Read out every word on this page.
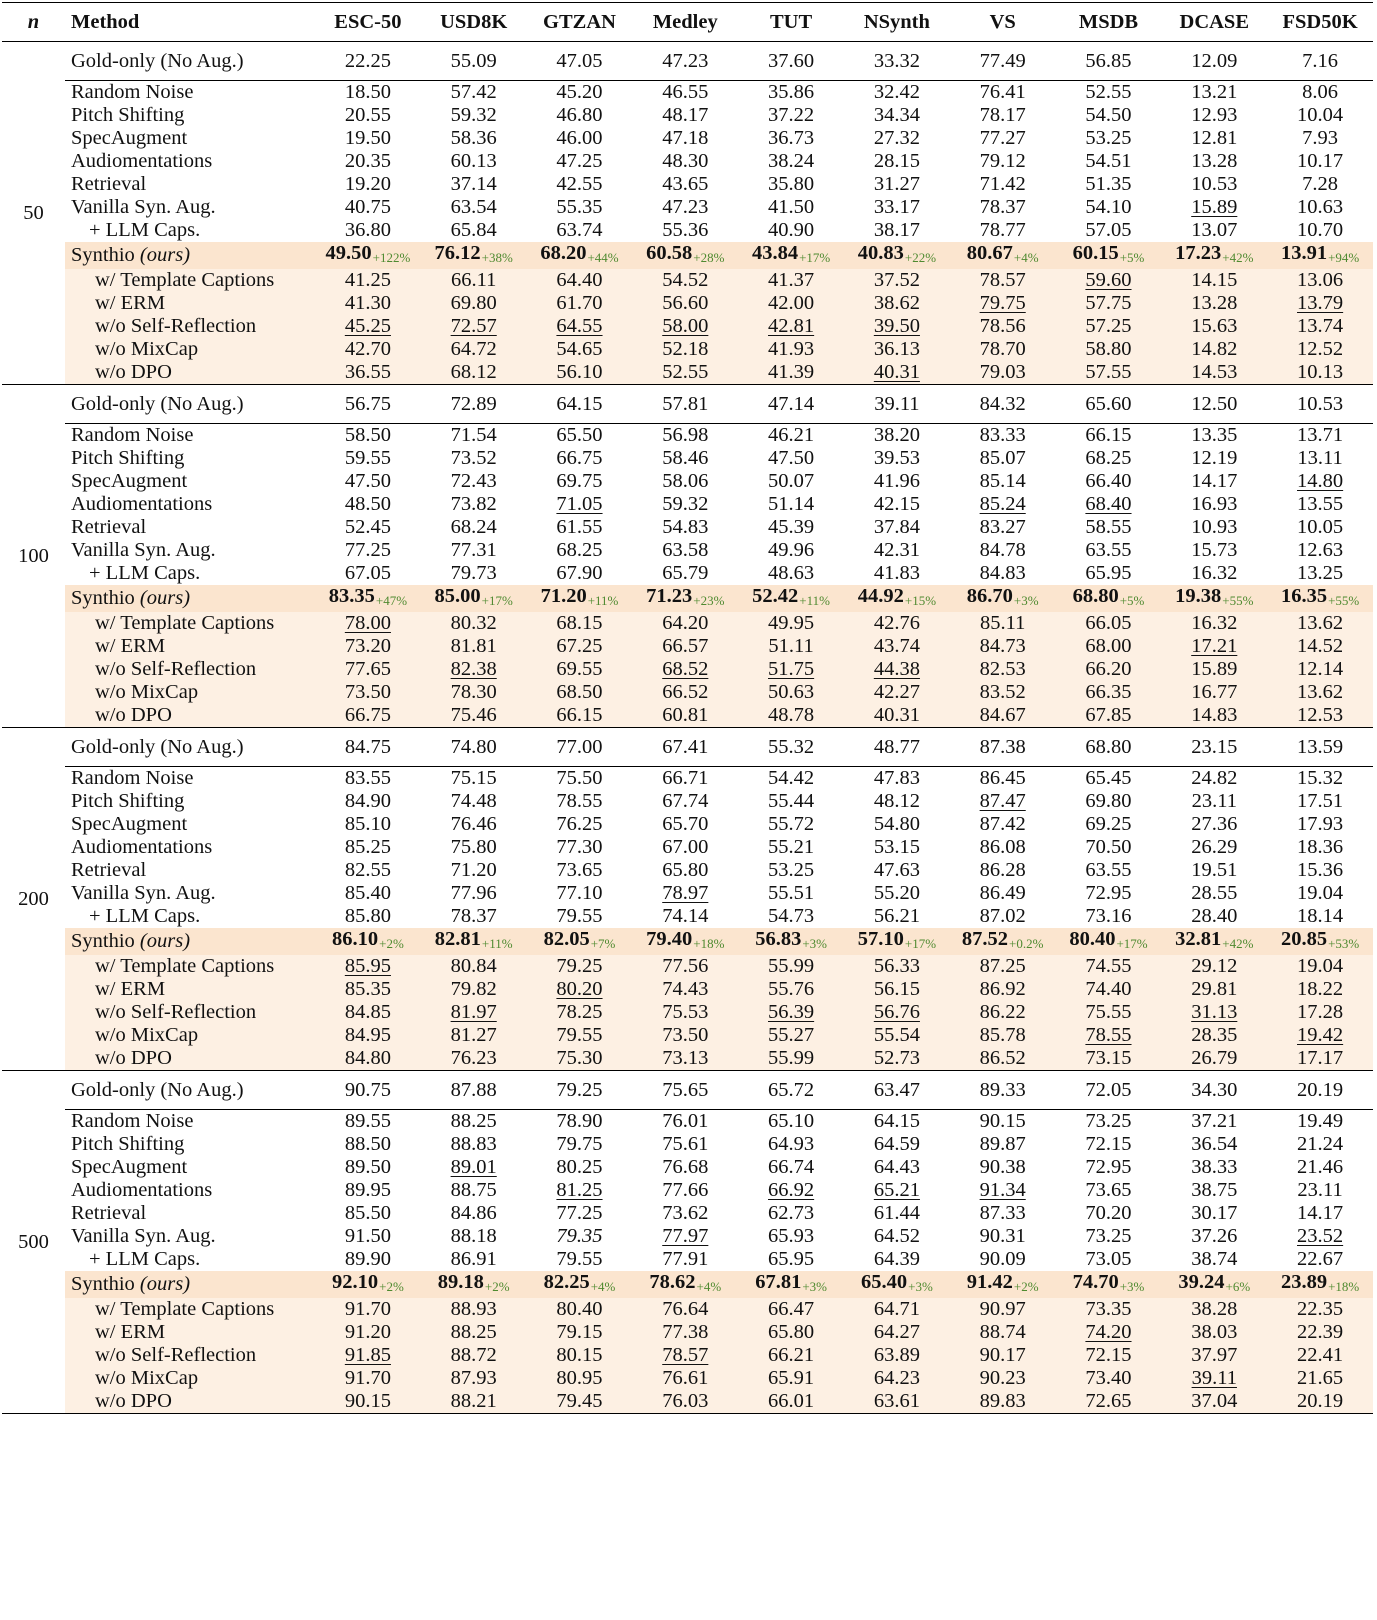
n	Method	ESC-50	USD8K	GTZAN	Medley	TUT	NSynth	VS	MSDB	DCASE	FSD50K
50	Gold-only (No Aug.)	22.25	55.09	47.05	47.23	37.60	33.32	77.49	56.85	12.09	7.16
	Random Noise	18.50	57.42	45.20	46.55	35.86	32.42	76.41	52.55	13.21	8.06
	Pitch Shifting	20.55	59.32	46.80	48.17	37.22	34.34	78.17	54.50	12.93	10.04
	SpecAugment	19.50	58.36	46.00	47.18	36.73	27.32	77.27	53.25	12.81	7.93
	Audiomentations	20.35	60.13	47.25	48.30	38.24	28.15	79.12	54.51	13.28	10.17
	Retrieval	19.20	37.14	42.55	43.65	35.80	31.27	71.42	51.35	10.53	7.28
	Vanilla Syn. Aug.	40.75	63.54	55.35	47.23	41.50	33.17	78.37	54.10	15.89	10.63
	+ LLM Caps.	36.80	65.84	63.74	55.36	40.90	38.17	78.77	57.05	13.07	10.70
	Synthio (ours)	49.50+122%	76.12+38%	68.20+44%	60.58+28%	43.84+17%	40.83+22%	80.67+4%	60.15+5%	17.23+42%	13.91+94%
	w/ Template Captions	41.25	66.11	64.40	54.52	41.37	37.52	78.57	59.60	14.15	13.06
	w/ ERM	41.30	69.80	61.70	56.60	42.00	38.62	79.75	57.75	13.28	13.79
	w/o Self-Reflection	45.25	72.57	64.55	58.00	42.81	39.50	78.56	57.25	15.63	13.74
	w/o MixCap	42.70	64.72	54.65	52.18	41.93	36.13	78.70	58.80	14.82	12.52
	w/o DPO	36.55	68.12	56.10	52.55	41.39	40.31	79.03	57.55	14.53	10.13
100	Gold-only (No Aug.)	56.75	72.89	64.15	57.81	47.14	39.11	84.32	65.60	12.50	10.53
	Random Noise	58.50	71.54	65.50	56.98	46.21	38.20	83.33	66.15	13.35	13.71
	Pitch Shifting	59.55	73.52	66.75	58.46	47.50	39.53	85.07	68.25	12.19	13.11
	SpecAugment	47.50	72.43	69.75	58.06	50.07	41.96	85.14	66.40	14.17	14.80
	Audiomentations	48.50	73.82	71.05	59.32	51.14	42.15	85.24	68.40	16.93	13.55
	Retrieval	52.45	68.24	61.55	54.83	45.39	37.84	83.27	58.55	10.93	10.05
	Vanilla Syn. Aug.	77.25	77.31	68.25	63.58	49.96	42.31	84.78	63.55	15.73	12.63
	+ LLM Caps.	67.05	79.73	67.90	65.79	48.63	41.83	84.83	65.95	16.32	13.25
	Synthio (ours)	83.35+47%	85.00+17%	71.20+11%	71.23+23%	52.42+11%	44.92+15%	86.70+3%	68.80+5%	19.38+55%	16.35+55%
	w/ Template Captions	78.00	80.32	68.15	64.20	49.95	42.76	85.11	66.05	16.32	13.62
	w/ ERM	73.20	81.81	67.25	66.57	51.11	43.74	84.73	68.00	17.21	14.52
	w/o Self-Reflection	77.65	82.38	69.55	68.52	51.75	44.38	82.53	66.20	15.89	12.14
	w/o MixCap	73.50	78.30	68.50	66.52	50.63	42.27	83.52	66.35	16.77	13.62
	w/o DPO	66.75	75.46	66.15	60.81	48.78	40.31	84.67	67.85	14.83	12.53
200	Gold-only (No Aug.)	84.75	74.80	77.00	67.41	55.32	48.77	87.38	68.80	23.15	13.59
	Random Noise	83.55	75.15	75.50	66.71	54.42	47.83	86.45	65.45	24.82	15.32
	Pitch Shifting	84.90	74.48	78.55	67.74	55.44	48.12	87.47	69.80	23.11	17.51
	SpecAugment	85.10	76.46	76.25	65.70	55.72	54.80	87.42	69.25	27.36	17.93
	Audiomentations	85.25	75.80	77.30	67.00	55.21	53.15	86.08	70.50	26.29	18.36
	Retrieval	82.55	71.20	73.65	65.80	53.25	47.63	86.28	63.55	19.51	15.36
	Vanilla Syn. Aug.	85.40	77.96	77.10	78.97	55.51	55.20	86.49	72.95	28.55	19.04
	+ LLM Caps.	85.80	78.37	79.55	74.14	54.73	56.21	87.02	73.16	28.40	18.14
	Synthio (ours)	86.10+2%	82.81+11%	82.05+7%	79.40+18%	56.83+3%	57.10+17%	87.52+0.2%	80.40+17%	32.81+42%	20.85+53%
	w/ Template Captions	85.95	80.84	79.25	77.56	55.99	56.33	87.25	74.55	29.12	19.04
	w/ ERM	85.35	79.82	80.20	74.43	55.76	56.15	86.92	74.40	29.81	18.22
	w/o Self-Reflection	84.85	81.97	78.25	75.53	56.39	56.76	86.22	75.55	31.13	17.28
	w/o MixCap	84.95	81.27	79.55	73.50	55.27	55.54	85.78	78.55	28.35	19.42
	w/o DPO	84.80	76.23	75.30	73.13	55.99	52.73	86.52	73.15	26.79	17.17
500	Gold-only (No Aug.)	90.75	87.88	79.25	75.65	65.72	63.47	89.33	72.05	34.30	20.19
	Random Noise	89.55	88.25	78.90	76.01	65.10	64.15	90.15	73.25	37.21	19.49
	Pitch Shifting	88.50	88.83	79.75	75.61	64.93	64.59	89.87	72.15	36.54	21.24
	SpecAugment	89.50	89.01	80.25	76.68	66.74	64.43	90.38	72.95	38.33	21.46
	Audiomentations	89.95	88.75	81.25	77.66	66.92	65.21	91.34	73.65	38.75	23.11
	Retrieval	85.50	84.86	77.25	73.62	62.73	61.44	87.33	70.20	30.17	14.17
	Vanilla Syn. Aug.	91.50	88.18	79.35	77.97	65.93	64.52	90.31	73.25	37.26	23.52
	+ LLM Caps.	89.90	86.91	79.55	77.91	65.95	64.39	90.09	73.05	38.74	22.67
	Synthio (ours)	92.10+2%	89.18+2%	82.25+4%	78.62+4%	67.81+3%	65.40+3%	91.42+2%	74.70+3%	39.24+6%	23.89+18%
	w/ Template Captions	91.70	88.93	80.40	76.64	66.47	64.71	90.97	73.35	38.28	22.35
	w/ ERM	91.20	88.25	79.15	77.38	65.80	64.27	88.74	74.20	38.03	22.39
	w/o Self-Reflection	91.85	88.72	80.15	78.57	66.21	63.89	90.17	72.15	37.97	22.41
	w/o MixCap	91.70	87.93	80.95	76.61	65.91	64.23	90.23	73.40	39.11	21.65
	w/o DPO	90.15	88.21	79.45	76.03	66.01	63.61	89.83	72.65	37.04	20.19
